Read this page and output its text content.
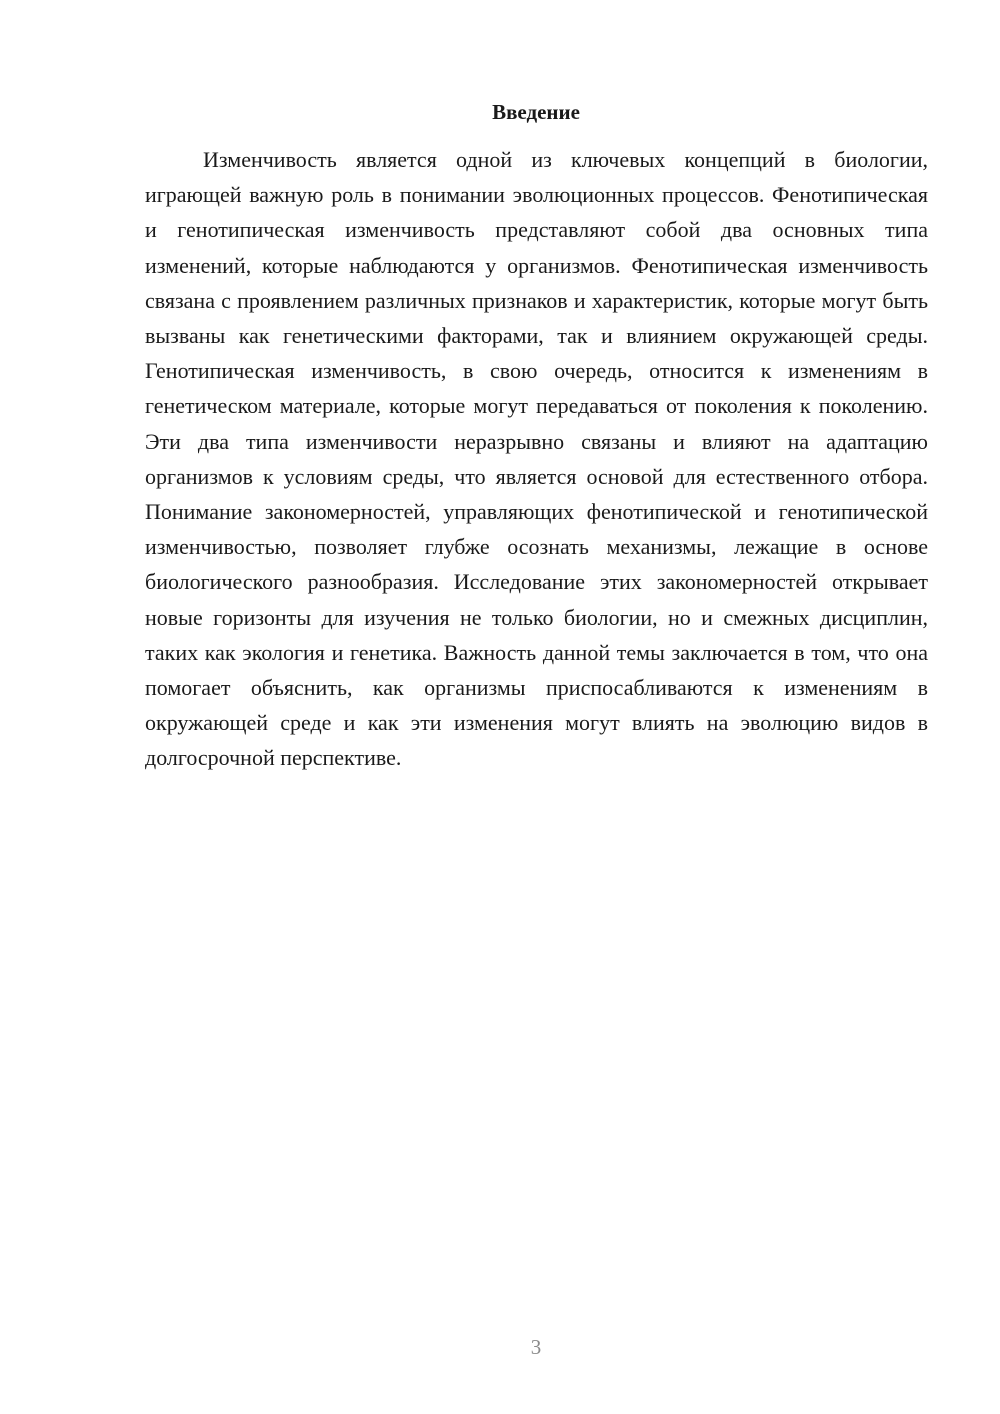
Введение

Изменчивость является одной из ключевых концепций в биологии, играющей важную роль в понимании эволюционных процессов. Фенотипическая и генотипическая изменчивость представляют собой два основных типа изменений, которые наблюдаются у организмов. Фенотипическая изменчивость связана с проявлением различных признаков и характеристик, которые могут быть вызваны как генетическими факторами, так и влиянием окружающей среды. Генотипическая изменчивость, в свою очередь, относится к изменениям в генетическом материале, которые могут передаваться от поколения к поколению. Эти два типа изменчивости неразрывно связаны и влияют на адаптацию организмов к условиям среды, что является основой для естественного отбора. Понимание закономерностей, управляющих фенотипической и генотипической изменчивостью, позволяет глубже осознать механизмы, лежащие в основе биологического разнообразия. Исследование этих закономерностей открывает новые горизонты для изучения не только биологии, но и смежных дисциплин, таких как экология и генетика. Важность данной темы заключается в том, что она помогает объяснить, как организмы приспосабливаются к изменениям в окружающей среде и как эти изменения могут влиять на эволюцию видов в долгосрочной перспективе.

3
